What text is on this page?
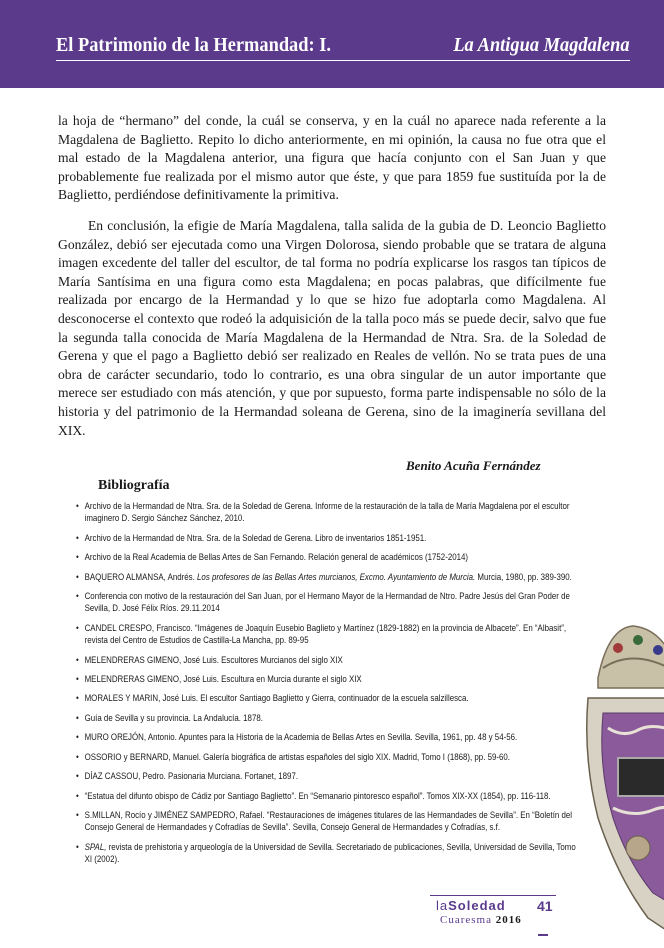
El Patrimonio de la Hermandad: I.	La Antigua Magdalena

la hoja de “hermano” del conde, la cuál se conserva, y en la cuál no aparece nada referente a la Magdalena de Baglietto. Repito lo dicho anteriormente, en mi opinión, la causa no fue otra que el mal estado de la Magdalena anterior, una figura que hacía conjunto con el San Juan y que probablemente fue realizada por el mismo autor que éste, y que para 1859 fue sustituída por la de Baglietto, perdiéndose definitivamente la primitiva.

En conclusión, la efigie de María Magdalena, talla salida de la gubia de D. Leoncio Baglietto González, debió ser ejecutada como una Virgen Dolorosa, siendo probable que se tratara de alguna imagen excedente del taller del escultor, de tal forma no podría explicarse los rasgos tan típicos de María Santísima en una figura como esta Magdalena; en pocas palabras, que difícilmente fue realizada por encargo de la Hermandad y lo que se hizo fue adoptarla como Magdalena. Al desconocerse el contexto que rodeó la adquisición de la talla poco más se puede decir, salvo que fue la segunda talla conocida de María Magdalena de la Hermandad de Ntra. Sra. de la Soledad de Gerena y que el pago a Baglietto debió ser realizado en Reales de vellón. No se trata pues de una obra de carácter secundario, todo lo contrario, es una obra singular de un autor importante que merece ser estudiado con más atención, y que por supuesto, forma parte indispensable no sólo de la historia y del patrimonio de la Hermandad soleana de Gerena, sino de la imaginería sevillana del XIX.

Benito Acuña Fernández
Bibliografía
• Archivo de la Hermandad de Ntra. Sra. de la Soledad de Gerena. Informe de la restauración de la talla de María Magdalena por el escultor imaginero D. Sergio Sánchez Sánchez, 2010.
• Archivo de la Hermandad de Ntra. Sra. de la Soledad de Gerena. Libro de inventarios 1851-1951.
• Archivo de la Real Academia de Bellas Artes de San Fernando. Relación general de académicos (1752-2014)
• BAQUERO ALMANSA, Andrés. Los profesores de las Bellas Artes murcianos, Excmo. Ayuntamiento de Murcia. Murcia, 1980, pp. 389-390.
• Conferencia con motivo de la restauración del San Juan, por el Hermano Mayor de la Hermandad de Ntro. Padre Jesús del Gran Poder de Sevilla, D. José Félix Ríos. 29.11.2014
• CANDEL CRESPO, Francisco. “Imágenes de Joaquín Eusebio Baglieto y Martínez (1829-1882) en la provincia de Albacete”. En “Albasit”, revista del Centro de Estudios de Castilla-La Mancha, pp. 89-95
• MELENDRERAS GIMENO, José Luis. Escultores Murcianos del siglo XIX
• MELENDRERAS GIMENO, José Luis. Escultura en Murcia durante el siglo XIX
• MORALES Y MARIN, José Luis. El escultor Santiago Baglietto y Gierra, continuador de la escuela salzillesca.
• Guía de Sevilla y su provincia. La Andalucía. 1878.
• MURO OREJÓN, Antonio. Apuntes para la Historia de la Academia de Bellas Artes en Sevilla. Sevilla, 1961, pp. 48 y 54-56.
• OSSORIO y BERNARD, Manuel. Galería biográfica de artistas españoles del siglo XIX. Madrid, Tomo I (1868), pp. 59-60.
• DÍAZ CASSOU, Pedro. Pasionaria Murciana. Fortanet, 1897.
• “Estatua del difunto obispo de Cádiz por Santiago Baglietto”. En “Semanario pintoresco español”. Tomos XIX-XX (1854), pp. 116-118.
• S.MILLAN, Rocío y JIMÉNEZ SAMPEDRO, Rafael. “Restauraciones de imágenes titulares de las Hermandades de Sevilla”. En “Boletín del Consejo General de Hermandades y Cofradías de Sevilla”. Sevilla, Consejo General de Hermandades y Cofradías, s.f.
• SPAL, revista de prehistoria y arqueología de la Universidad de Sevilla. Secretariado de publicaciones, Sevilla, Universidad de Sevilla, Tomo XI (2002).
laSoledad
Cuaresma 2016
41
